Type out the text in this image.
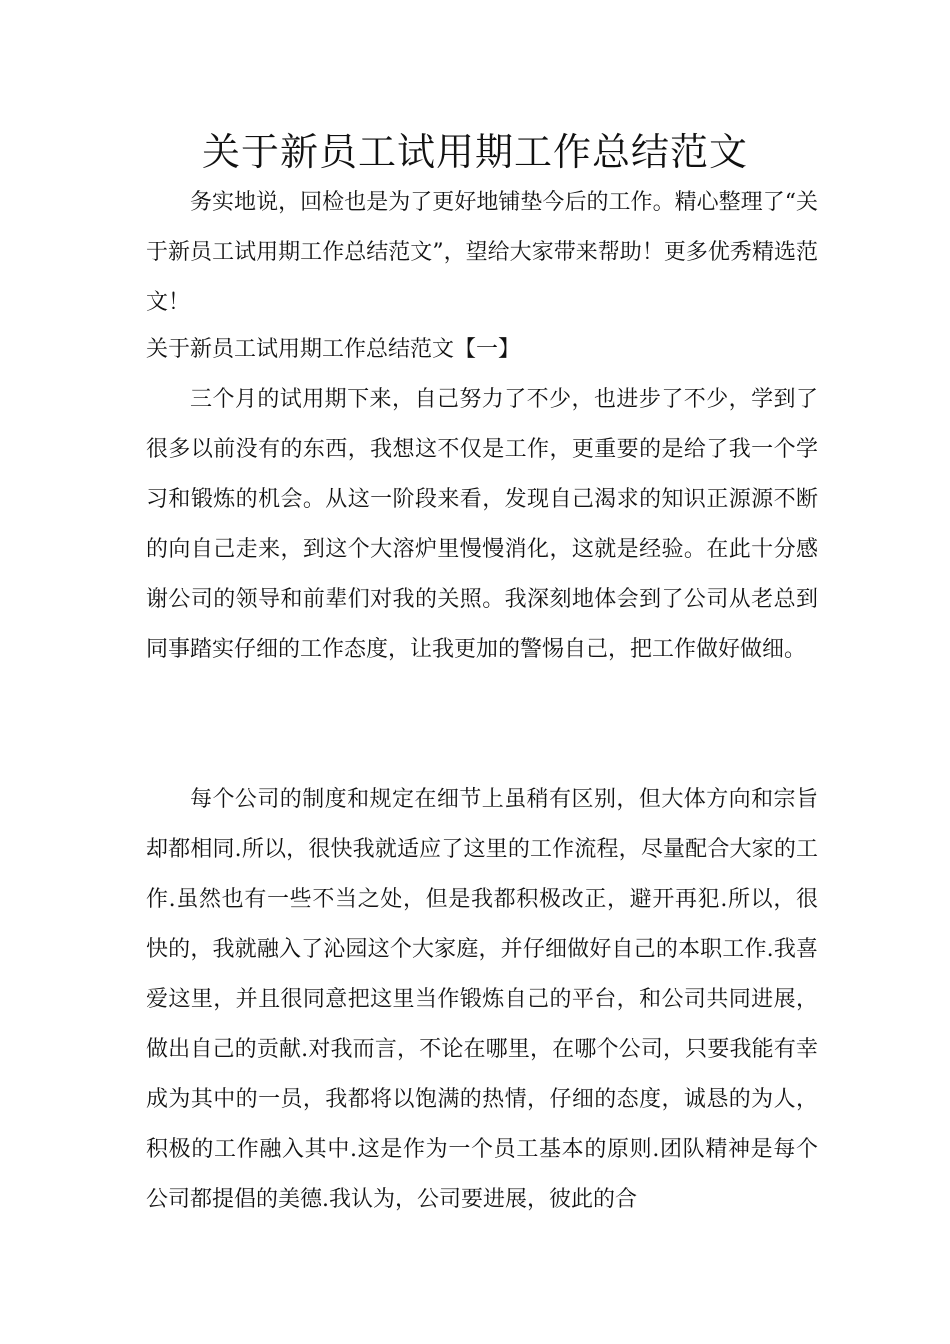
关于新员工试用期工作总结范文

务实地说，回检也是为了更好地铺垫今后的工作。精心整理了“关于新员工试用期工作总结范文”，望给大家带来帮助！更多优秀精选范文！

关于新员工试用期工作总结范文【一】

三个月的试用期下来，自己努力了不少，也进步了不少，学到了很多以前没有的东西，我想这不仅是工作，更重要的是给了我一个学习和锻炼的机会。从这一阶段来看，发现自己渴求的知识正源源不断的向自己走来，到这个大溶炉里慢慢消化，这就是经验。在此十分感谢公司的领导和前辈们对我的关照。我深刻地体会到了公司从老总到同事踏实仔细的工作态度，让我更加的警惕自己，把工作做好做细。

每个公司的制度和规定在细节上虽稍有区别，但大体方向和宗旨却都相同.所以，很快我就适应了这里的工作流程，尽量配合大家的工作.虽然也有一些不当之处，但是我都积极改正，避开再犯.所以，很快的，我就融入了沁园这个大家庭，并仔细做好自己的本职工作.我喜爱这里，并且很同意把这里当作锻炼自己的平台，和公司共同进展，做出自己的贡献.对我而言，不论在哪里，在哪个公司，只要我能有幸成为其中的一员，我都将以饱满的热情，仔细的态度，诚恳的为人，积极的工作融入其中.这是作为一个员工基本的原则.团队精神是每个公司都提倡的美德.我认为，公司要进展，彼此的合
